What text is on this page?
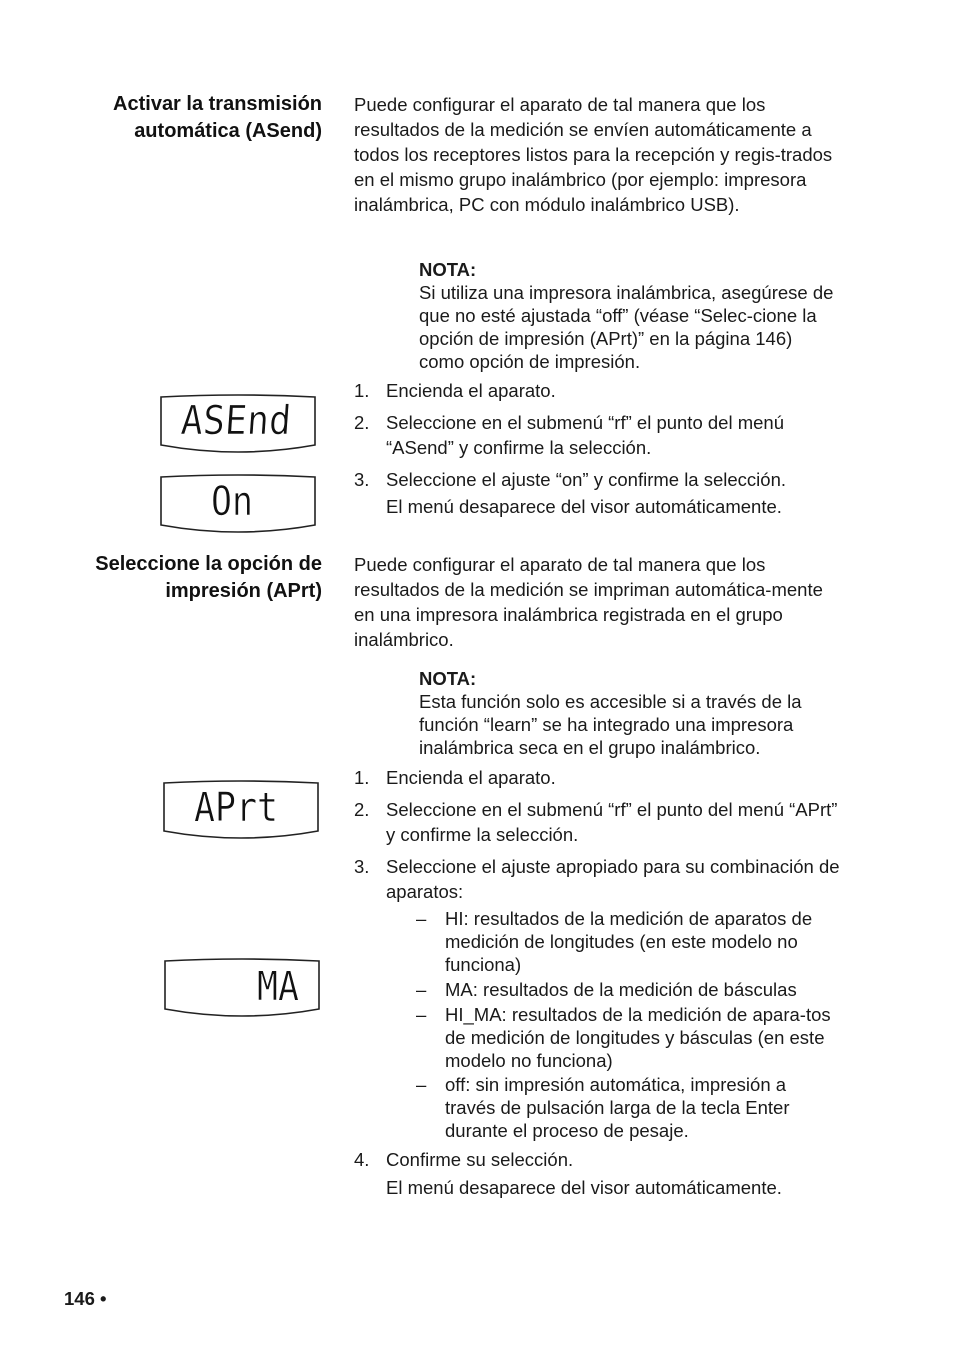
Activar la transmisión
automática (ASend)
Puede configurar el aparato de tal manera que los resultados de la medición se envíen automáticamente a todos los receptores listos para la recepción y regis-trados en el mismo grupo inalámbrico (por ejemplo: impresora inalámbrica, PC con módulo inalámbrico USB).
NOTA:
Si utiliza una impresora inalámbrica, asegúrese de que no esté ajustada “off” (véase “Selec-cione la opción de impresión (APrt)” en la página 146) como opción de impresión.
1. Encienda el aparato.
2. Seleccione en el submenú “rf” el punto del menú “ASend” y confirme la selección.
3. Seleccione el ajuste “on” y confirme la selección.
El menú desaparece del visor automáticamente.
ASEnd
On
Seleccione la opción de
impresión (APrt)
Puede configurar el aparato de tal manera que los resultados de la medición se impriman automática-mente en una impresora inalámbrica registrada en el grupo inalámbrico.
NOTA:
Esta función solo es accesible si a través de la función “learn” se ha integrado una impresora inalámbrica seca en el grupo inalámbrico.
1. Encienda el aparato.
2. Seleccione en el submenú “rf” el punto del menú “APrt” y confirme la selección.
3. Seleccione el ajuste apropiado para su combinación de aparatos:
– HI: resultados de la medición de aparatos de medición de longitudes (en este modelo no funciona)
– MA: resultados de la medición de básculas
– HI_MA: resultados de la medición de apara-tos de medición de longitudes y básculas (en este modelo no funciona)
– off: sin impresión automática, impresión a través de pulsación larga de la tecla Enter durante el proceso de pesaje.
4. Confirme su selección.
El menú desaparece del visor automáticamente.
APrt
MA
146 •
